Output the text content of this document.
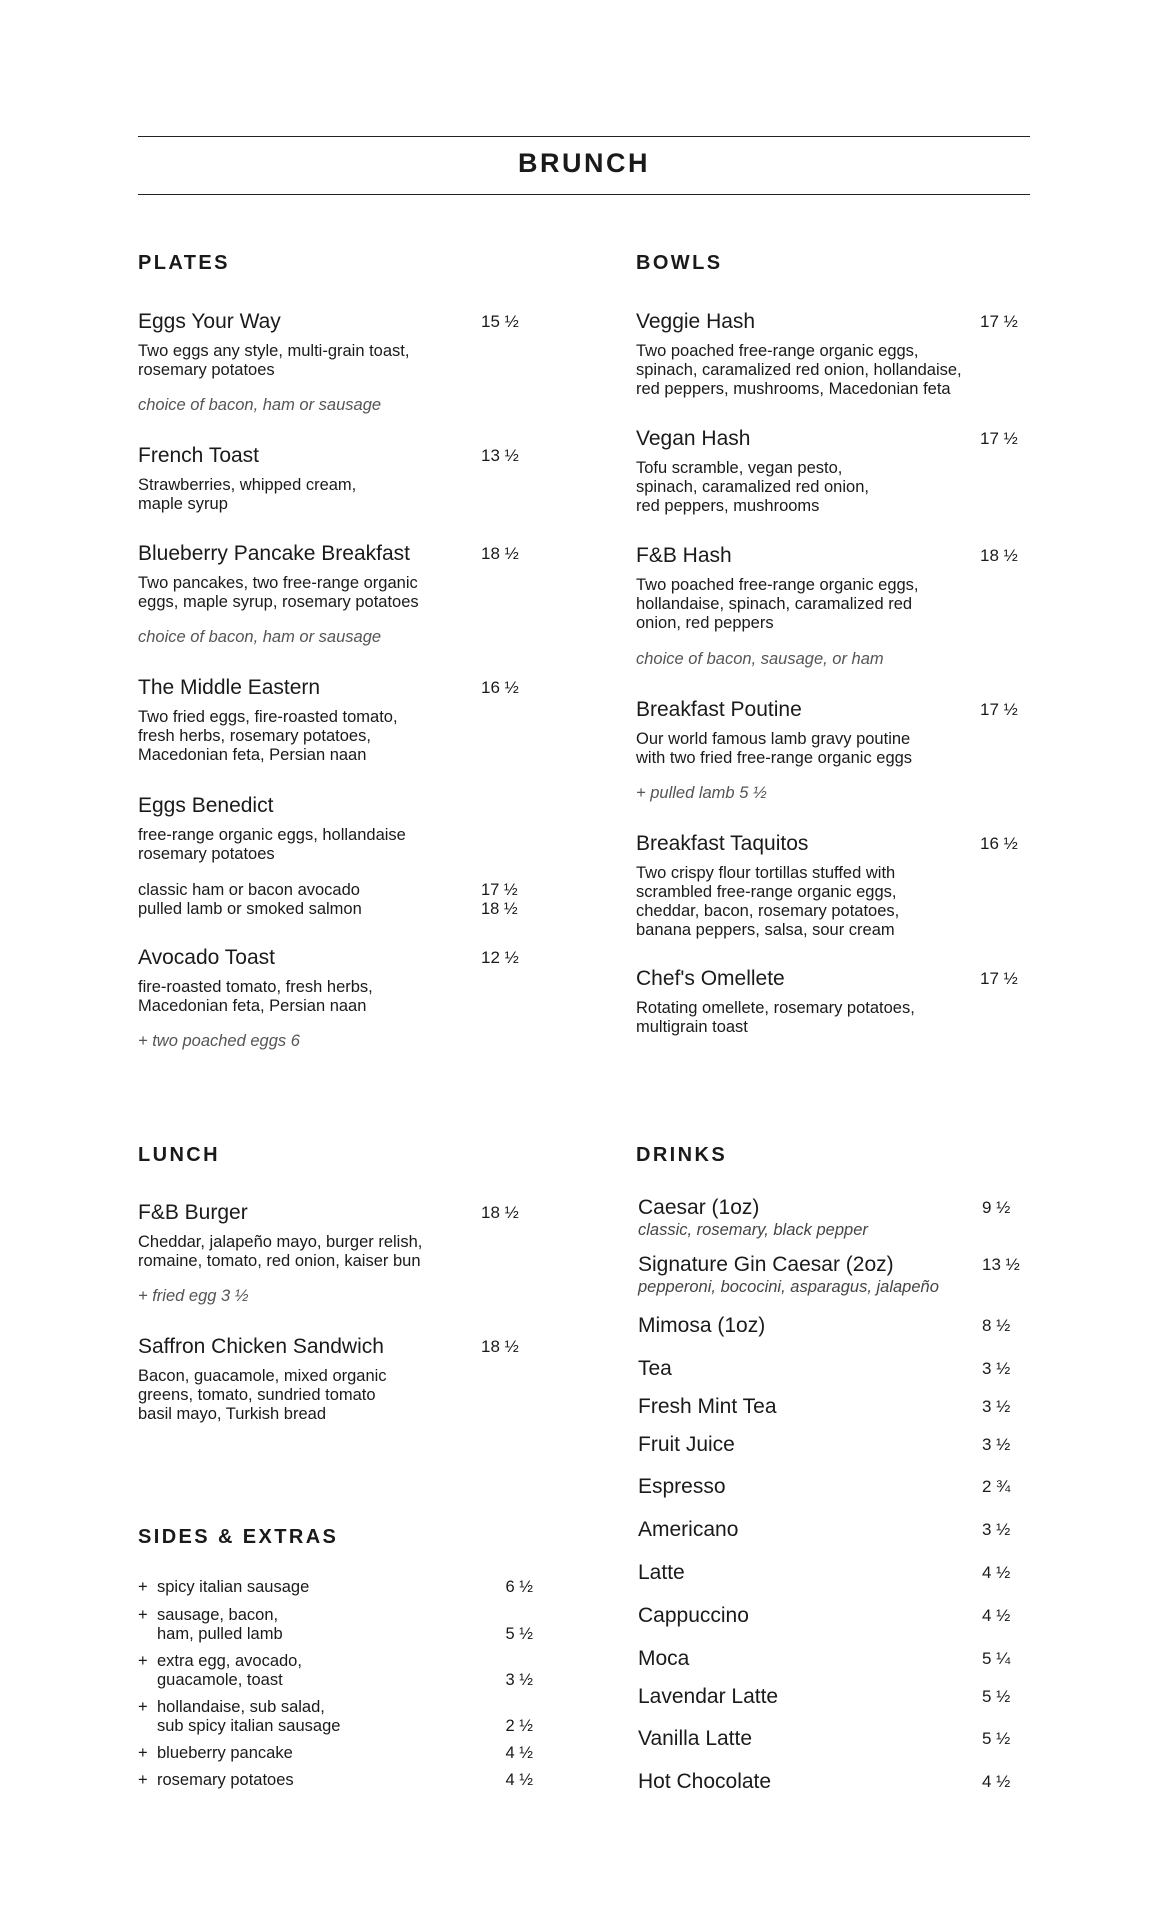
BRUNCH
PLATES	BOWLS
LUNCH	DRINKS
SIDES & EXTRAS
Eggs Your Way	15 ½
Two eggs any style, multi-grain toast,
rosemary potatoes
choice of bacon, ham or sausage
French Toast	13 ½
Strawberries, whipped cream,
maple syrup
Blueberry Pancake Breakfast	18 ½
Two pancakes, two free-range organic
eggs, maple syrup, rosemary potatoes
choice of bacon, ham or sausage
The Middle Eastern	16 ½
Two fried eggs, fire-roasted tomato,
fresh herbs, rosemary potatoes,
Macedonian feta, Persian naan
Eggs Benedict
free-range organic eggs, hollandaise
rosemary potatoes
classic ham or bacon avocado	17 ½
pulled lamb or smoked salmon	18 ½
Avocado Toast	12 ½
fire-roasted tomato, fresh herbs,
Macedonian feta, Persian naan
+ two poached eggs 6
Veggie Hash	17 ½
Two poached free-range organic eggs,
spinach, caramalized red onion, hollandaise,
red peppers, mushrooms, Macedonian feta
Vegan Hash	17 ½
Tofu scramble, vegan pesto,
spinach, caramalized red onion,
red peppers, mushrooms
F&B Hash	18 ½
Two poached free-range organic eggs,
hollandaise, spinach, caramalized red
onion, red peppers
choice of bacon, sausage, or ham
Breakfast Poutine	17 ½
Our world famous lamb gravy poutine
with two fried free-range organic eggs
+ pulled lamb 5 ½
Breakfast Taquitos	16 ½
Two crispy flour tortillas stuffed with
scrambled free-range organic eggs,
cheddar, bacon, rosemary potatoes,
banana peppers, salsa, sour cream
Chef's Omellete	17 ½
Rotating omellete, rosemary potatoes,
multigrain toast
F&B Burger	18 ½
Cheddar, jalapeño mayo, burger relish,
romaine, tomato, red onion, kaiser bun
+ fried egg 3 ½
Saffron Chicken Sandwich	18 ½
Bacon, guacamole, mixed organic
greens, tomato, sundried tomato
basil mayo, Turkish bread
+ spicy italian sausage	6 ½
+ sausage, bacon,
ham, pulled lamb	5 ½
+ extra egg, avocado,
guacamole, toast	3 ½
+ hollandaise, sub salad,
sub spicy italian sausage	2 ½
+ blueberry pancake	4 ½
+ rosemary potatoes	4 ½
Caesar (1oz)	9 ½
classic, rosemary, black pepper
Signature Gin Caesar (2oz)	13 ½
pepperoni, bococini, asparagus, jalapeño
Mimosa (1oz)	8 ½
Tea	3 ½
Fresh Mint Tea	3 ½
Fruit Juice	3 ½
Espresso	2 ¾
Americano	3 ½
Latte	4 ½
Cappuccino	4 ½
Moca	5 ¼
Lavendar Latte	5 ½
Vanilla Latte	5 ½
Hot Chocolate	4 ½
